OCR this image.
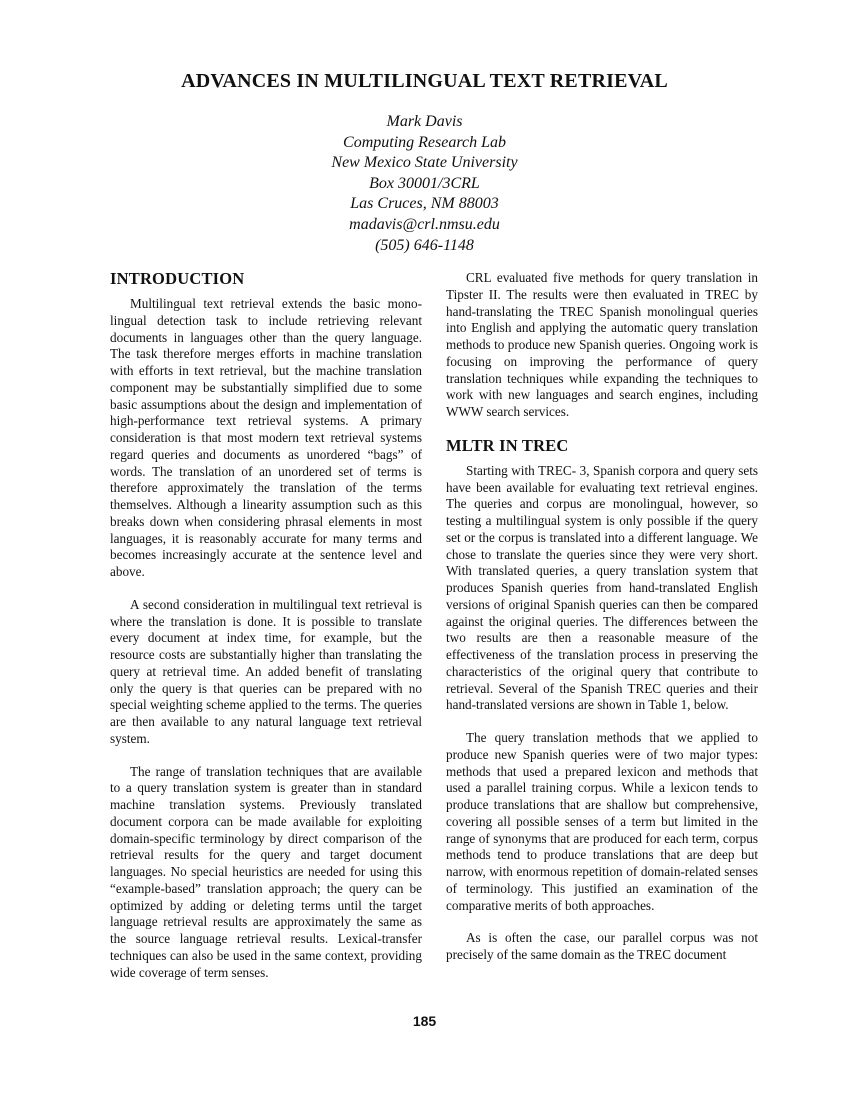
ADVANCES IN MULTILINGUAL TEXT RETRIEVAL
Mark Davis
Computing Research Lab
New Mexico State University
Box 30001/3CRL
Las Cruces, NM 88003
madavis@crl.nmsu.edu
(505) 646-1148
INTRODUCTION

Multilingual text retrieval extends the basic mono-lingual detection task to include retrieving relevant documents in languages other than the query language. The task therefore merges efforts in machine translation with efforts in text retrieval, but the machine translation component may be substantially simplified due to some basic assumptions about the design and implementation of high-performance text retrieval systems. A primary consideration is that most modern text retrieval systems regard queries and documents as unordered “bags” of words. The translation of an unordered set of terms is therefore approximately the translation of the terms themselves. Although a linearity assumption such as this breaks down when considering phrasal elements in most languages, it is reasonably accurate for many terms and becomes increasingly accurate at the sentence level and above.

A second consideration in multilingual text retrieval is where the translation is done. It is possible to translate every document at index time, for example, but the resource costs are substantially higher than translating the query at retrieval time. An added benefit of translating only the query is that queries can be prepared with no special weighting scheme applied to the terms. The queries are then available to any natural language text retrieval system.

The range of translation techniques that are available to a query translation system is greater than in standard machine translation systems. Previously translated document corpora can be made available for exploiting domain-specific terminology by direct comparison of the retrieval results for the query and target document languages. No special heuristics are needed for using this “example-based” translation approach; the query can be optimized by adding or deleting terms until the target language retrieval results are approximately the same as the source language retrieval results. Lexical-transfer techniques can also be used in the same context, providing wide coverage of term senses.

CRL evaluated five methods for query translation in Tipster II. The results were then evaluated in TREC by hand-translating the TREC Spanish monolingual queries into English and applying the automatic query translation methods to produce new Spanish queries. Ongoing work is focusing on improving the performance of query translation techniques while expanding the techniques to work with new languages and search engines, including WWW search services.

MLTR IN TREC

Starting with TREC- 3, Spanish corpora and query sets have been available for evaluating text retrieval engines. The queries and corpus are monolingual, however, so testing a multilingual system is only possible if the query set or the corpus is translated into a different language. We chose to translate the queries since they were very short. With translated queries, a query translation system that produces Spanish queries from hand-translated English versions of original Spanish queries can then be compared against the original queries. The differences between the two results are then a reasonable measure of the effectiveness of the translation process in preserving the characteristics of the original query that contribute to retrieval. Several of the Spanish TREC queries and their hand-translated versions are shown in Table 1, below.

The query translation methods that we applied to produce new Spanish queries were of two major types: methods that used a prepared lexicon and methods that used a parallel training corpus. While a lexicon tends to produce translations that are shallow but comprehensive, covering all possible senses of a term but limited in the range of synonyms that are produced for each term, corpus methods tend to produce translations that are deep but narrow, with enormous repetition of domain-related senses of terminology. This justified an examination of the comparative merits of both approaches.

As is often the case, our parallel corpus was not precisely of the same domain as the TREC document

185
